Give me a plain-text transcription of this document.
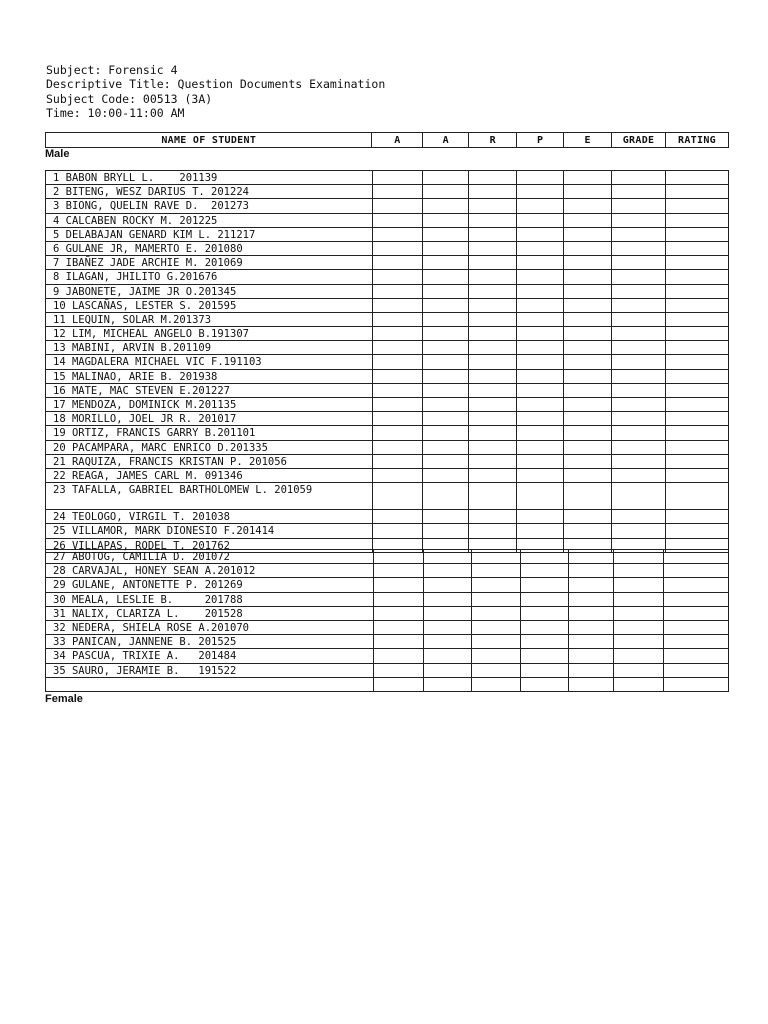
Subject: Forensic 4
Descriptive Title: Question Documents Examination
Subject Code: 00513 (3A)
Time: 10:00-11:00 AM
NAME OF STUDENT	A	A	R	P	E	GRADE	RATING
Male
1 BABON BRYLL L.    201139							
2 BITENG, WESZ DARIUS T. 201224							
3 BIONG, QUELIN RAVE D.  201273							
4 CALCABEN ROCKY M. 201225							
5 DELABAJAN GENARD KIM L. 211217							
6 GULANE JR, MAMERTO E. 201080							
7 IBAÑEZ JADE ARCHIE M. 201069							
8 ILAGAN, JHILITO G.201676							
9 JABONETE, JAIME JR O.201345							
10 LASCAÑAS, LESTER S. 201595							
11 LEQUIN, SOLAR M.201373							
12 LIM, MICHEAL ANGELO B.191307							
13 MABINI, ARVIN B.201109							
14 MAGDALERA MICHAEL VIC F.191103							
15 MALINAO, ARIE B. 201938							
16 MATE, MAC STEVEN E.201227							
17 MENDOZA, DOMINICK M.201135							
18 MORILLO, JOEL JR R. 201017							
19 ORTIZ, FRANCIS GARRY B.201101							
20 PACAMPARA, MARC ENRICO D.201335							
21 RAQUIZA, FRANCIS KRISTAN P. 201056							
22 REAGA, JAMES CARL M. 091346							
23 TAFALLA, GABRIEL BARTHOLOMEW L. 201059							
24 TEOLOGO, VIRGIL T. 201038							
25 VILLAMOR, MARK DIONESIO F.201414							
26 VILLAPAS, RODEL T. 201762							
27 ABOTOG, CAMILIA D. 201072							
28 CARVAJAL, HONEY SEAN A.201012							
29 GULANE, ANTONETTE P. 201269							
30 MEALA, LESLIE B.     201788							
31 NALIX, CLARIZA L.    201528							
32 NEDERA, SHIELA ROSE A.201070							
33 PANICAN, JANNENE B. 201525							
34 PASCUA, TRIXIE A.   201484							
35 SAURO, JERAMIE B.   191522							

Female
